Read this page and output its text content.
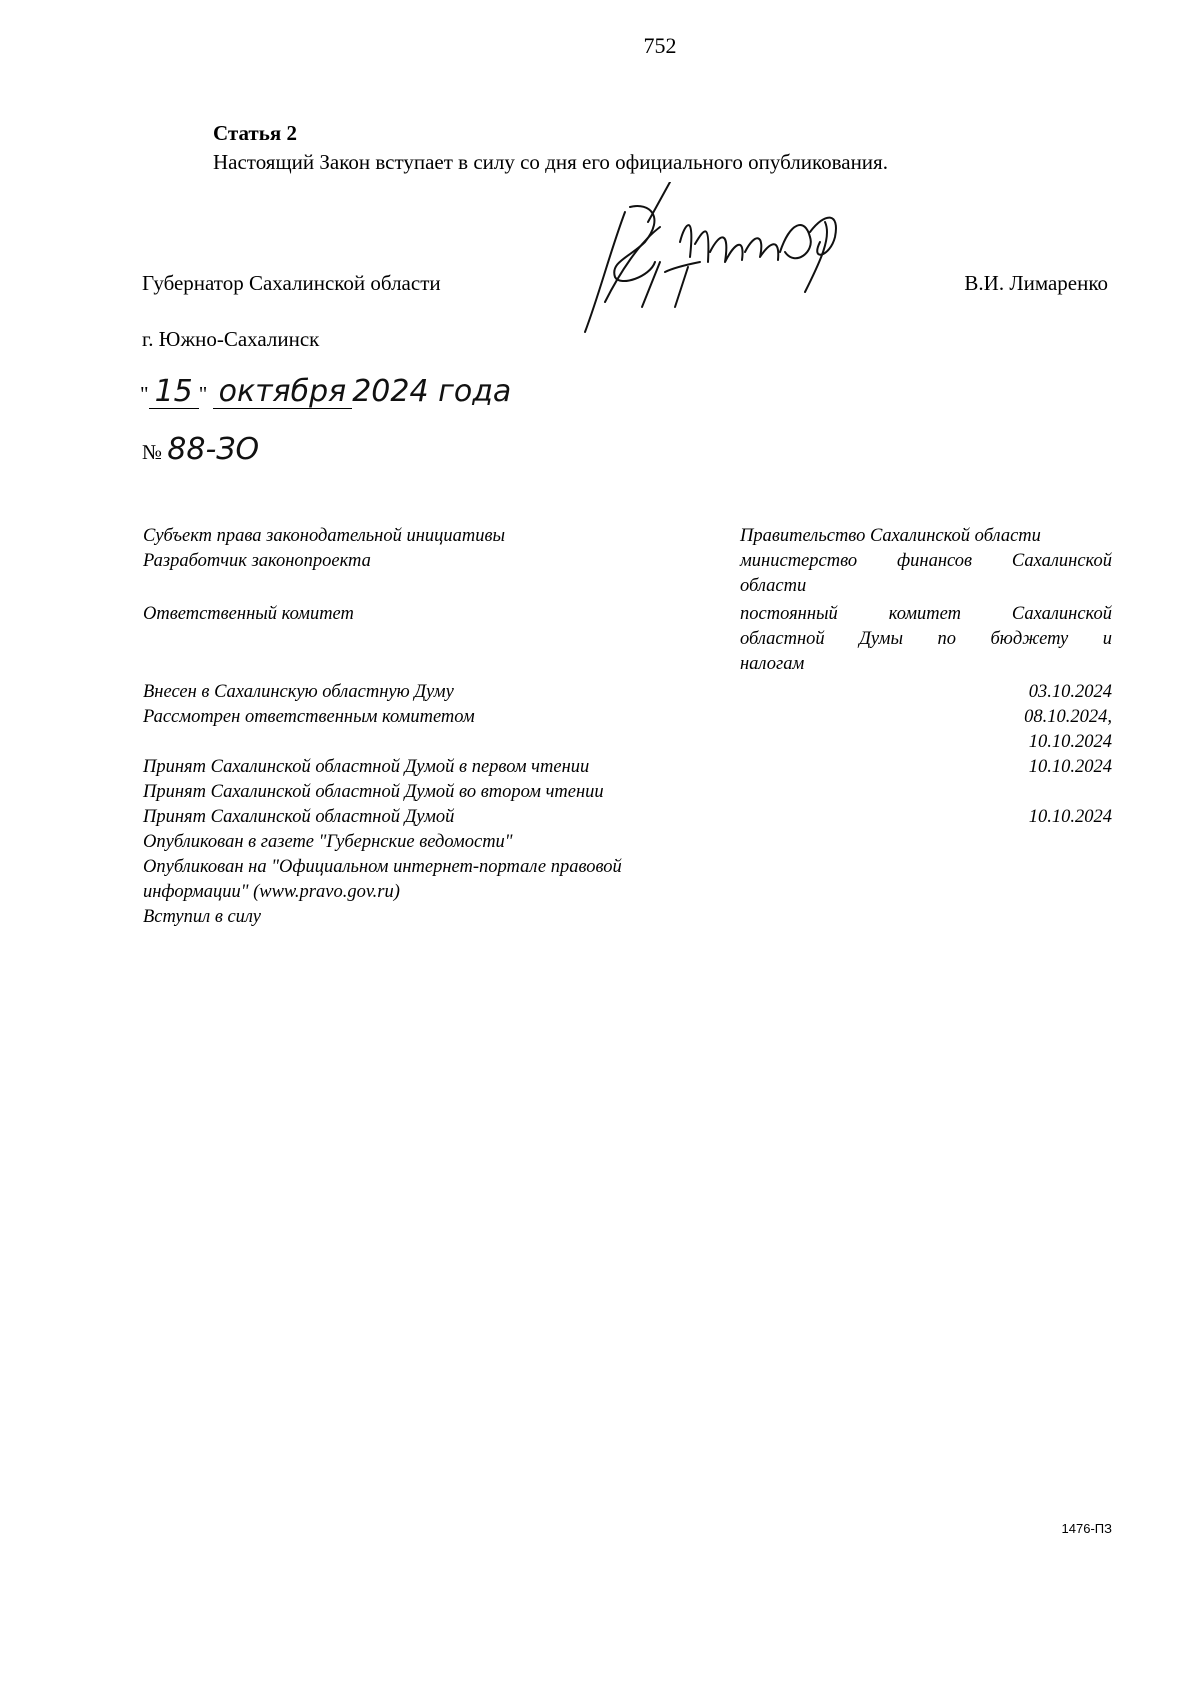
752
Статья 2
Настоящий Закон вступает в силу со дня его официального опубликования.
Губернатор Сахалинской области	В.И. Лимаренко
г. Южно-Сахалинск
" 15 " октября 2024 года
№ 88-ЗО
Субъект права законодательной инициативы	Правительство Сахалинской области
Разработчик законопроекта	министерство финансов Сахалинской
области
Ответственный комитет	постоянный комитет Сахалинской
областной Думы по бюджету и
налогам
Внесен в Сахалинскую областную Думу	03.10.2024
Рассмотрен ответственным комитетом	08.10.2024,
10.10.2024
Принят Сахалинской областной Думой в первом чтении	10.10.2024
Принят Сахалинской областной Думой во втором чтении
Принят Сахалинской областной Думой	10.10.2024
Опубликован в газете "Губернские ведомости"
Опубликован на "Официальном интернет-портале правовой
информации" (www.pravo.gov.ru)
Вступил в силу
1476-ПЗ
